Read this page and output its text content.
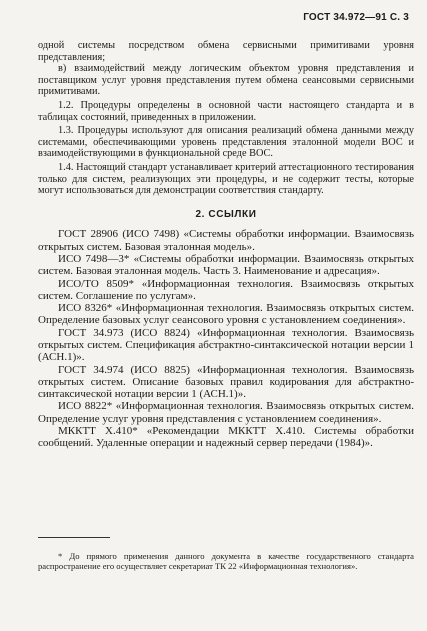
ГОСТ 34.972—91 С. 3

одной системы посредством обмена сервисными примитивами уровня представления;

в) взаимодействий между логическим объектом уровня представления и поставщиком услуг уровня представления путем обмена сеансовыми сервисными примитивами.

1.2. Процедуры определены в основной части настоящего стандарта и в таблицах состояний, приведенных в приложении.

1.3. Процедуры используют для описания реализаций обмена данными между системами, обеспечивающими уровень представления эталонной модели ВОС и взаимодействующими в функциональной среде ВОС.

1.4. Настоящий стандарт устанавливает критерий аттестационного тестирования только для систем, реализующих эти процедуры, и не содержит тесты, которые могут использоваться для демонстрации соответствия стандарту.

2. ССЫЛКИ

ГОСТ 28906 (ИСО 7498) «Системы обработки информации. Взаимосвязь открытых систем. Базовая эталонная модель».

ИСО 7498—3* «Системы обработки информации. Взаимосвязь открытых систем. Базовая эталонная модель. Часть 3. Наименование и адресация».

ИСО/ТО 8509* «Информационная технология. Взаимосвязь открытых систем. Соглашение по услугам».

ИСО 8326* «Информационная технология. Взаимосвязь открытых систем. Определение базовых услуг сеансового уровня с установлением соединения».

ГОСТ 34.973 (ИСО 8824) «Информационная технология. Взаимосвязь открытых систем. Спецификация абстрактно-синтаксической нотации версии 1 (АСН.1)».

ГОСТ 34.974 (ИСО 8825) «Информационная технология. Взаимосвязь открытых систем. Описание базовых правил кодирования для абстрактно-синтаксической нотации версии 1 (АСН.1)».

ИСО 8822* «Информационная технология. Взаимосвязь открытых систем. Определение услуг уровня представления с установлением соединения».

МККТТ Х.410* «Рекомендации МККТТ Х.410. Системы обработки сообщений. Удаленные операции и надежный сервер передачи (1984)».

* До прямого применения данного документа в качестве государственного стандарта распространение его осуществляет секретариат ТК 22 «Информационная технология».
